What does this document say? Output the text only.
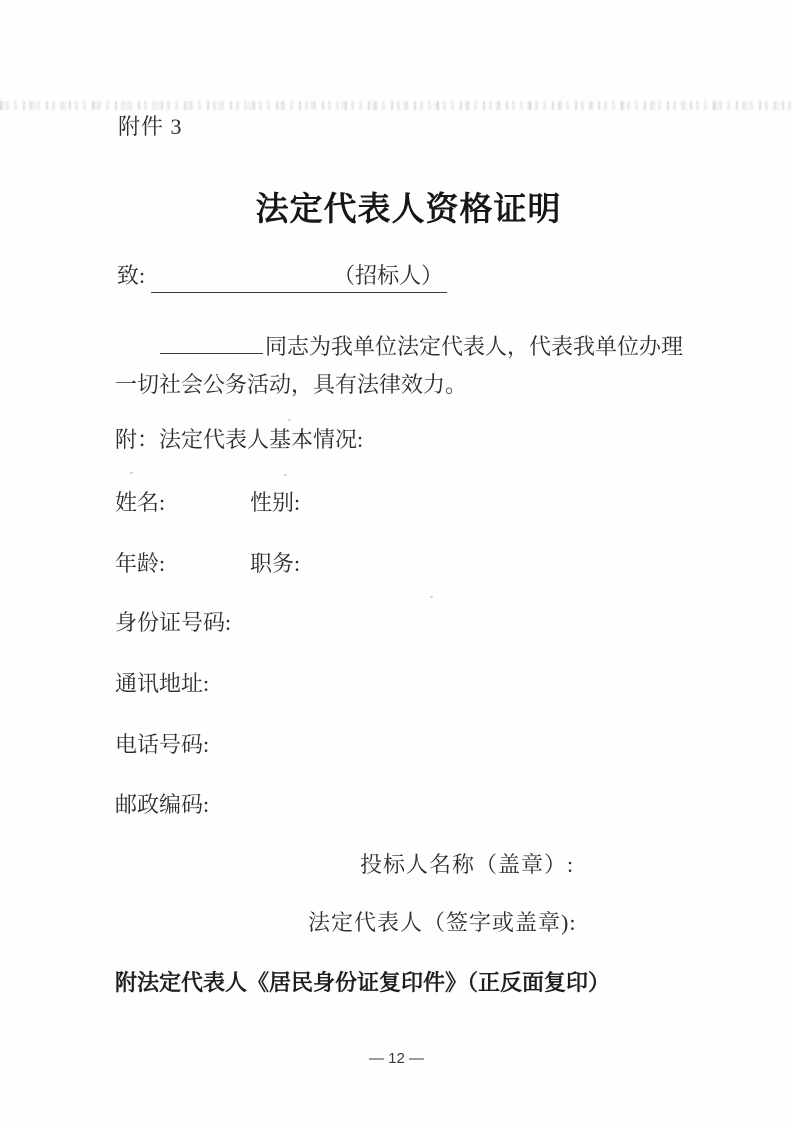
附件 3
法定代表人资格证明
致:	（招标人）
同志为我单位法定代表人，代表我单位办理
一切社会公务活动，具有法律效力。
附：法定代表人基本情况:
姓名:	性别:
年龄:	职务:
身份证号码:
通讯地址:
电话号码:
邮政编码:
投标人名称（盖章）:
法定代表人（签字或盖章):
附法定代表人《居民身份证复印件》（正反面复印）
— 12 —
